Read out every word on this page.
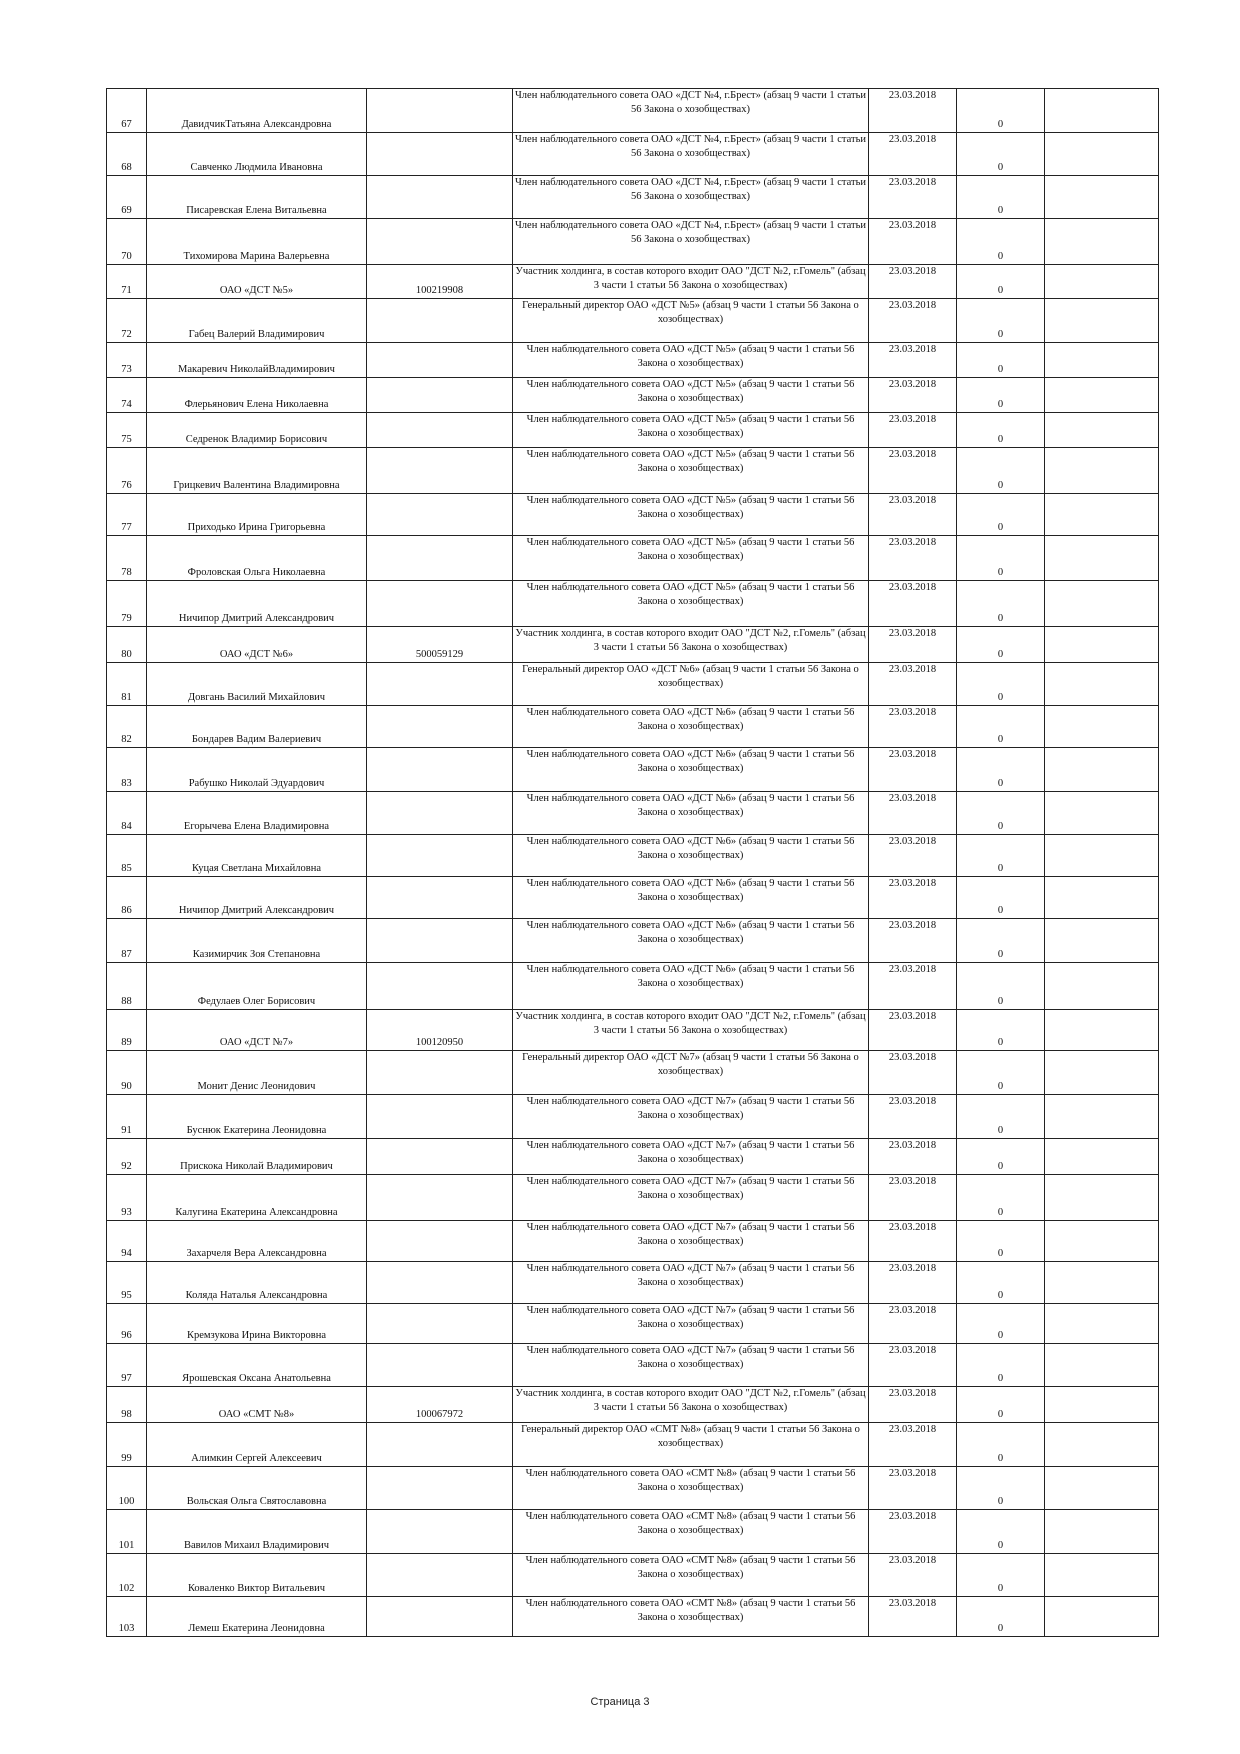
67	ДавидчикТатьяна Александровна		Член наблюдательного совета ОАО «ДСТ №4, г.Брест» (абзац 9 части 1 статьи 56 Закона о хозобществах)	23.03.2018	0	
68	Савченко Людмила Ивановна		Член наблюдательного совета ОАО «ДСТ №4, г.Брест» (абзац 9 части 1 статьи 56 Закона о хозобществах)	23.03.2018	0	
69	Писаревская Елена Витальевна		Член наблюдательного совета ОАО «ДСТ №4, г.Брест» (абзац 9 части 1 статьи 56 Закона о хозобществах)	23.03.2018	0	
70	Тихомирова Марина Валерьевна		Член наблюдательного совета ОАО «ДСТ №4, г.Брест» (абзац 9 части 1 статьи 56 Закона о хозобществах)	23.03.2018	0	
71	ОАО «ДСТ №5»	100219908	Участник холдинга, в состав которого входит ОАО "ДСТ №2, г.Гомель" (абзац 3 части 1 статьи 56 Закона о хозобществах)	23.03.2018	0	
72	Габец Валерий Владимирович		Генеральный директор ОАО «ДСТ №5» (абзац 9 части 1 статьи 56 Закона о хозобществах)	23.03.2018	0	
73	Макаревич НиколайВладимирович		Член наблюдательного совета ОАО «ДСТ №5» (абзац 9 части 1 статьи 56 Закона о хозобществах)	23.03.2018	0	
74	Флерьянович Елена Николаевна		Член наблюдательного совета ОАО «ДСТ №5» (абзац 9 части 1 статьи 56 Закона о хозобществах)	23.03.2018	0	
75	Седренок Владимир Борисович		Член наблюдательного совета ОАО «ДСТ №5» (абзац 9 части 1 статьи 56 Закона о хозобществах)	23.03.2018	0	
76	Грицкевич Валентина Владимировна		Член наблюдательного совета ОАО «ДСТ №5» (абзац 9 части 1 статьи 56 Закона о хозобществах)	23.03.2018	0	
77	Приходько Ирина Григорьевна		Член наблюдательного совета ОАО «ДСТ №5» (абзац 9 части 1 статьи 56 Закона о хозобществах)	23.03.2018	0	
78	Фроловская Ольга Николаевна		Член наблюдательного совета ОАО «ДСТ №5» (абзац 9 части 1 статьи 56 Закона о хозобществах)	23.03.2018	0	
79	Ничипор Дмитрий Александрович		Член наблюдательного совета ОАО «ДСТ №5» (абзац 9 части 1 статьи 56 Закона о хозобществах)	23.03.2018	0	
80	ОАО «ДСТ №6»	500059129	Участник холдинга, в состав которого входит ОАО "ДСТ №2, г.Гомель" (абзац 3 части 1 статьи 56 Закона о хозобществах)	23.03.2018	0	
81	Довгань Василий Михайлович		Генеральный директор ОАО «ДСТ №6» (абзац 9 части 1 статьи 56 Закона о хозобществах)	23.03.2018	0	
82	Бондарев Вадим Валериевич		Член наблюдательного совета ОАО «ДСТ №6» (абзац 9 части 1 статьи 56 Закона о хозобществах)	23.03.2018	0	
83	Рабушко Николай Эдуардович		Член наблюдательного совета ОАО «ДСТ №6» (абзац 9 части 1 статьи 56 Закона о хозобществах)	23.03.2018	0	
84	Егорычева Елена Владимировна		Член наблюдательного совета ОАО «ДСТ №6» (абзац 9 части 1 статьи 56 Закона о хозобществах)	23.03.2018	0	
85	Куцая Светлана Михайловна		Член наблюдательного совета ОАО «ДСТ №6» (абзац 9 части 1 статьи 56 Закона о хозобществах)	23.03.2018	0	
86	Ничипор Дмитрий Александрович		Член наблюдательного совета ОАО «ДСТ №6» (абзац 9 части 1 статьи 56 Закона о хозобществах)	23.03.2018	0	
87	Казимирчик Зоя Степановна		Член наблюдательного совета ОАО «ДСТ №6» (абзац 9 части 1 статьи 56 Закона о хозобществах)	23.03.2018	0	
88	Федулаев Олег Борисович		Член наблюдательного совета ОАО «ДСТ №6» (абзац 9 части 1 статьи 56 Закона о хозобществах)	23.03.2018	0	
89	ОАО «ДСТ №7»	100120950	Участник холдинга, в состав которого входит ОАО "ДСТ №2, г.Гомель" (абзац 3 части 1 статьи 56 Закона о хозобществах)	23.03.2018	0	
90	Монит Денис Леонидович		Генеральный директор ОАО «ДСТ №7» (абзац 9 части 1 статьи 56 Закона о хозобществах)	23.03.2018	0	
91	Буснюк Екатерина Леонидовна		Член наблюдательного совета ОАО «ДСТ №7» (абзац 9 части 1 статьи 56 Закона о хозобществах)	23.03.2018	0	
92	Прискока Николай Владимирович		Член наблюдательного совета ОАО «ДСТ №7» (абзац 9 части 1 статьи 56 Закона о хозобществах)	23.03.2018	0	
93	Калугина Екатерина Александровна		Член наблюдательного совета ОАО «ДСТ №7» (абзац 9 части 1 статьи 56 Закона о хозобществах)	23.03.2018	0	
94	Захарчеля Вера Александровна		Член наблюдательного совета ОАО «ДСТ №7» (абзац 9 части 1 статьи 56 Закона о хозобществах)	23.03.2018	0	
95	Коляда Наталья Александровна		Член наблюдательного совета ОАО «ДСТ №7» (абзац 9 части 1 статьи 56 Закона о хозобществах)	23.03.2018	0	
96	Кремзукова Ирина Викторовна		Член наблюдательного совета ОАО «ДСТ №7» (абзац 9 части 1 статьи 56 Закона о хозобществах)	23.03.2018	0	
97	Ярошевская Оксана Анатольевна		Член наблюдательного совета ОАО «ДСТ №7» (абзац 9 части 1 статьи 56 Закона о хозобществах)	23.03.2018	0	
98	ОАО «СМТ №8»	100067972	Участник холдинга, в состав которого входит ОАО "ДСТ №2, г.Гомель" (абзац 3 части 1 статьи 56 Закона о хозобществах)	23.03.2018	0	
99	Алимкин Сергей Алексеевич		Генеральный директор ОАО «СМТ №8» (абзац 9 части 1 статьи 56 Закона о хозобществах)	23.03.2018	0	
100	Вольская Ольга Святославовна		Член наблюдательного совета ОАО «СМТ №8» (абзац 9 части 1 статьи 56 Закона о хозобществах)	23.03.2018	0	
101	Вавилов Михаил Владимирович		Член наблюдательного совета ОАО «СМТ №8» (абзац 9 части 1 статьи 56 Закона о хозобществах)	23.03.2018	0	
102	Коваленко Виктор Витальевич		Член наблюдательного совета ОАО «СМТ №8» (абзац 9 части 1 статьи 56 Закона о хозобществах)	23.03.2018	0	
103	Лемеш Екатерина Леонидовна		Член наблюдательного совета ОАО «СМТ №8» (абзац 9 части 1 статьи 56 Закона о хозобществах)	23.03.2018	0	
Страница 3
